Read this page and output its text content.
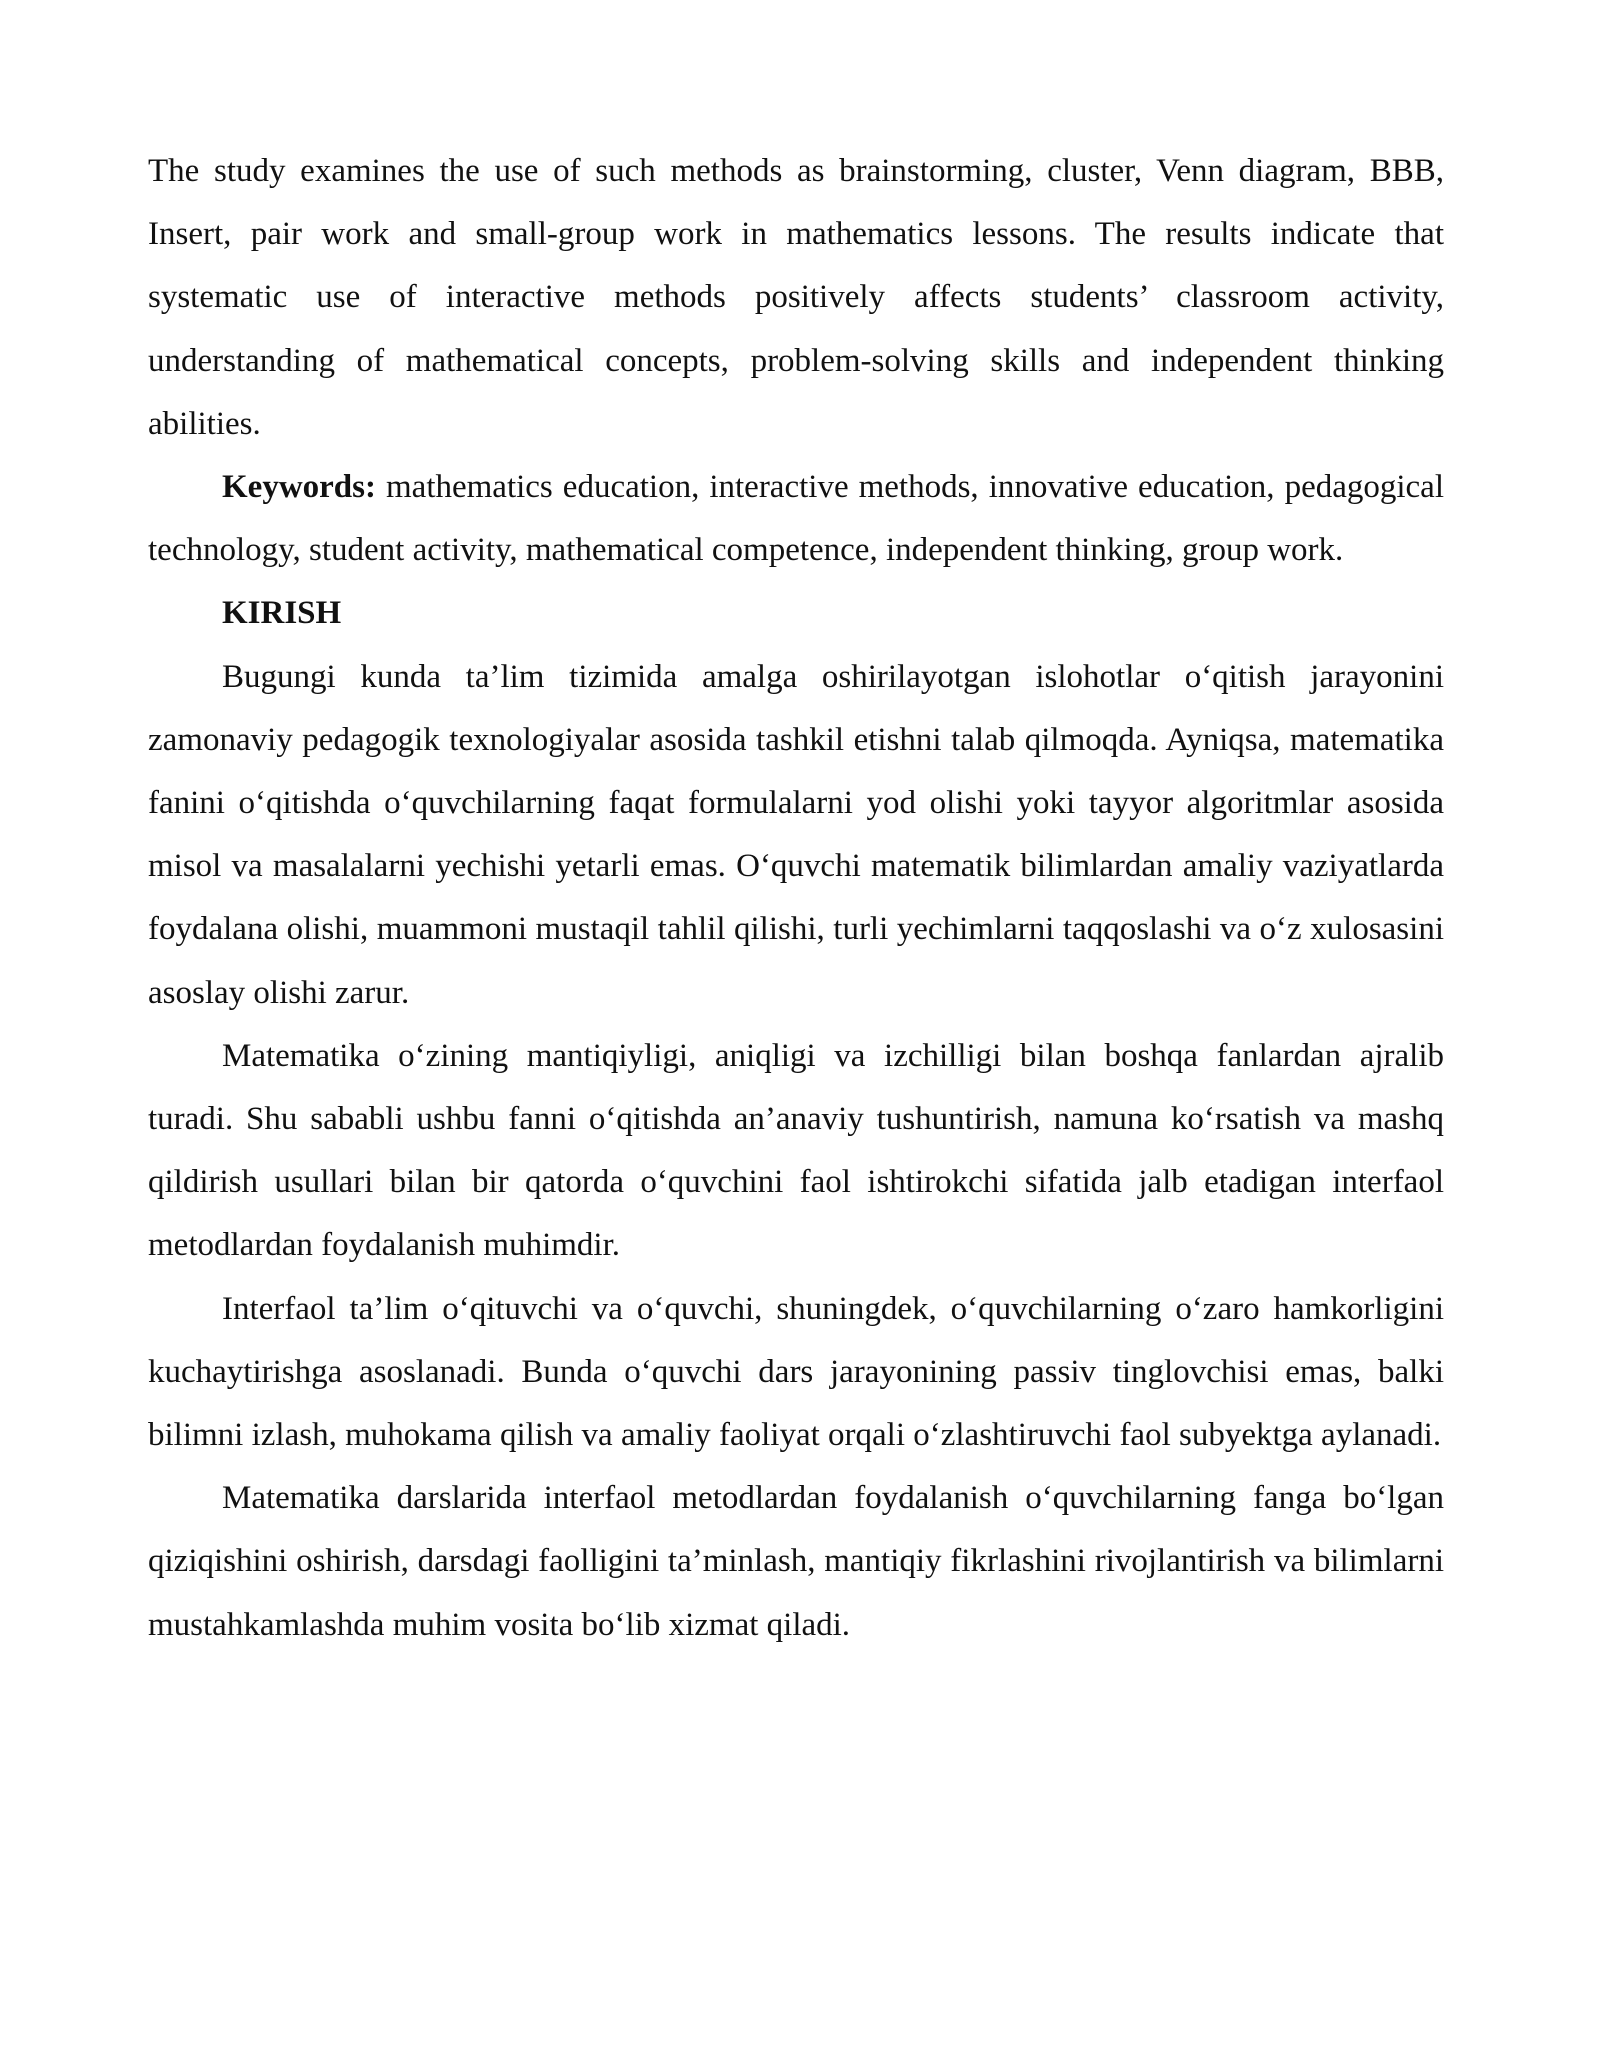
The study examines the use of such methods as brainstorming, cluster, Venn diagram, BBB, Insert, pair work and small-group work in mathematics lessons. The results indicate that systematic use of interactive methods positively affects students’ classroom activity, understanding of mathematical concepts, problem-solving skills and independent thinking abilities.

Keywords: mathematics education, interactive methods, innovative education, pedagogical technology, student activity, mathematical competence, independent thinking, group work.

KIRISH

Bugungi kunda ta’lim tizimida amalga oshirilayotgan islohotlar o‘qitish jarayonini zamonaviy pedagogik texnologiyalar asosida tashkil etishni talab qilmoqda. Ayniqsa, matematika fanini o‘qitishda o‘quvchilarning faqat formulalarni yod olishi yoki tayyor algoritmlar asosida misol va masalalarni yechishi yetarli emas. O‘quvchi matematik bilimlardan amaliy vaziyatlarda foydalana olishi, muammoni mustaqil tahlil qilishi, turli yechimlarni taqqoslashi va o‘z xulosasini asoslay olishi zarur.

Matematika o‘zining mantiqiyligi, aniqligi va izchilligi bilan boshqa fanlardan ajralib turadi. Shu sababli ushbu fanni o‘qitishda an’anaviy tushuntirish, namuna ko‘rsatish va mashq qildirish usullari bilan bir qatorda o‘quvchini faol ishtirokchi sifatida jalb etadigan interfaol metodlardan foydalanish muhimdir.

Interfaol ta’lim o‘qituvchi va o‘quvchi, shuningdek, o‘quvchilarning o‘zaro hamkorligini kuchaytirishga asoslanadi. Bunda o‘quvchi dars jarayonining passiv tinglovchisi emas, balki bilimni izlash, muhokama qilish va amaliy faoliyat orqali o‘zlashtiruvchi faol subyektga aylanadi.

Matematika darslarida interfaol metodlardan foydalanish o‘quvchilarning fanga bo‘lgan qiziqishini oshirish, darsdagi faolligini ta’minlash, mantiqiy fikrlashini rivojlantirish va bilimlarni mustahkamlashda muhim vosita bo‘lib xizmat qiladi.
